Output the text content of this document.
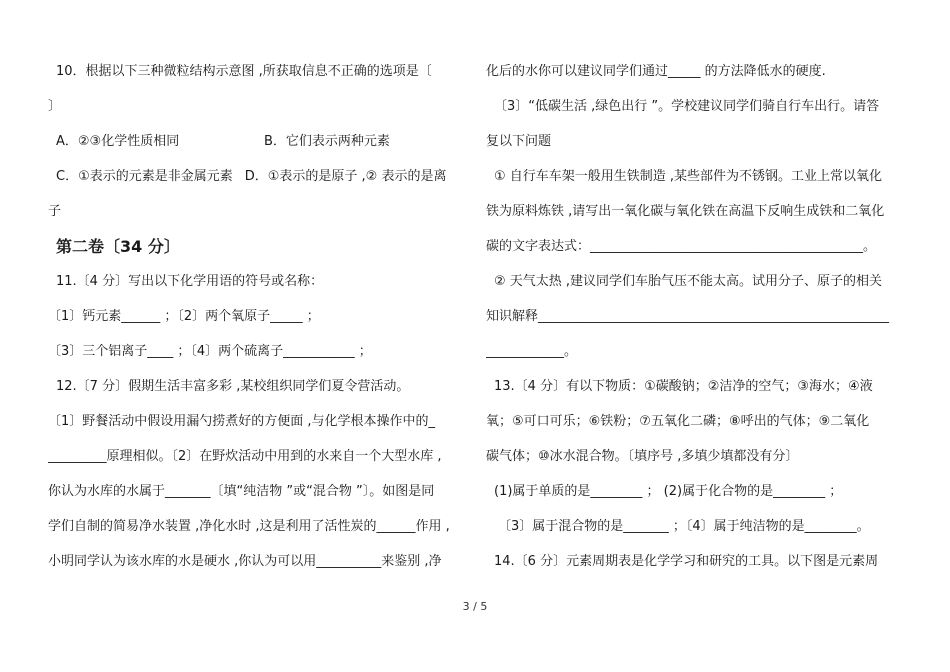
10．根据以下三种微粒结构示意图 ,所获取信息不正确的选项是〔
〕
A．②③化学性质相同	B．它们表示两种元素
C．①表示的元素是非金属元素 D．①表示的是原子 ,② 表示的是离
子
第二卷〔34 分〕
11.〔4 分〕写出以下化学用语的符号或名称：
〔1〕钙元素______ ；〔2〕两个氧原子_____ ；
〔3〕三个铝离子____ ；〔4〕两个硫离子___________ ；
12.〔7 分〕假期生活丰富多彩 ,某校组织同学们夏令营活动。
〔1〕野餐活动中假设用漏勺捞煮好的方便面 ,与化学根本操作中的_
_________原理相似。〔2〕在野炊活动中用到的水来自一个大型水库 ,
你认为水库的水属于_______〔填“纯洁物 ”或“混合物 ”〕。如图是同
学们自制的简易净水装置 ,净化水时 ,这是利用了活性炭的______作用 ,
小明同学认为该水库的水是硬水 ,你认为可以用__________来鉴别 ,净
化后的水你可以建议同学们通过_____ 的方法降低水的硬度.
〔3〕“低碳生活 ,绿色出行 ”。学校建议同学们骑自行车出行。请答
复以下问题
① 自行车车架一般用生铁制造 ,某些部件为不锈钢。工业上常以氧化
铁为原料炼铁 ,请写出一氧化碳与氧化铁在高温下反响生成铁和二氧化
碳的文字表达式：__________________________________________。
② 天气太热 ,建议同学们车胎气压不能太高。试用分子、原子的相关
知识解释______________________________________________________
____________。
13.〔4 分〕有以下物质：①碳酸钠；②洁净的空气；③海水；④液
氧；⑤可口可乐；⑥铁粉；⑦五氧化二磷；⑧呼出的气体；⑨二氧化
碳气体；⑩冰水混合物。〔填序号 ,多填少填都没有分〕
(1)属于单质的是________ ； (2)属于化合物的是________ ；
〔3〕属于混合物的是_______ ；〔4〕属于纯洁物的是________。
14.〔6 分〕元素周期表是化学学习和研究的工具。以下图是元素周
3 / 5
